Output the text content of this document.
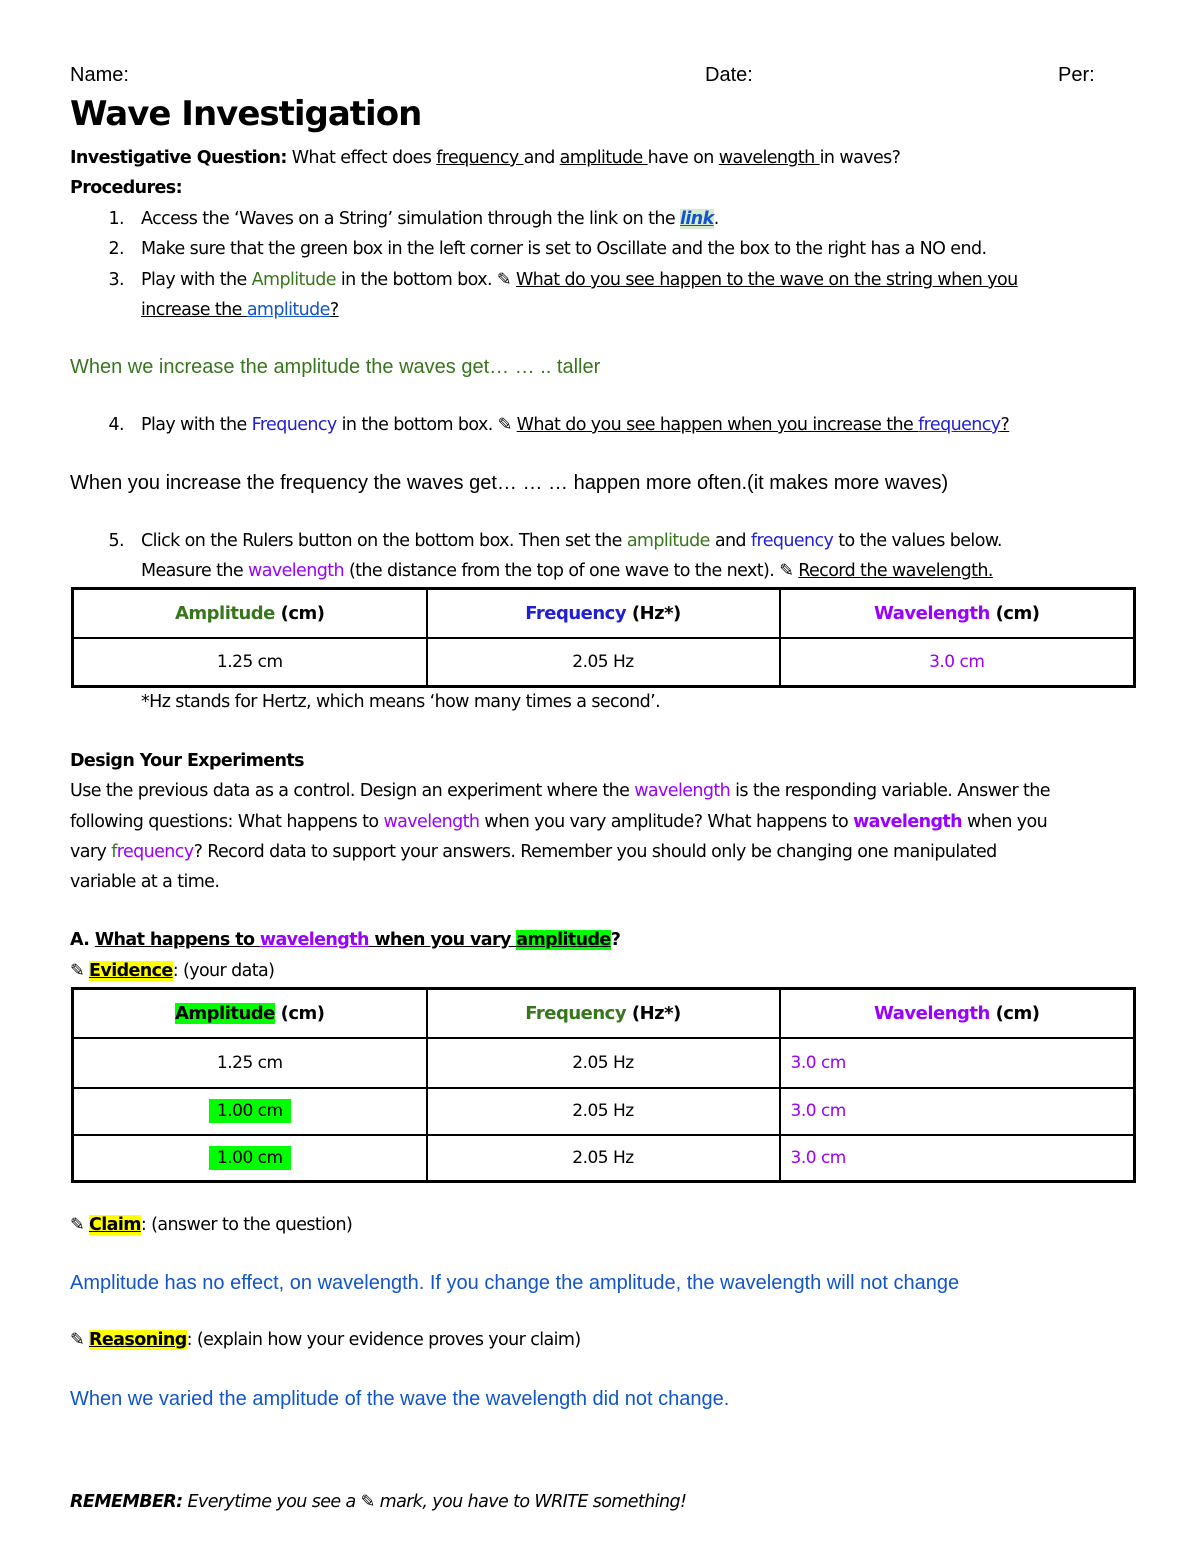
Name:	Date:	Per:
Wave Investigation
Investigative Question: What effect does frequency and amplitude have on wavelength in waves?
Procedures:
1. Access the ‘Waves on a String’ simulation through the link on the link.
2. Make sure that the green box in the left corner is set to Oscillate and the box to the right has a NO end.
3. Play with the Amplitude in the bottom box. ✎ What do you see happen to the wave on the string when you
increase the amplitude?
When we increase the amplitude the waves get… … .. taller
4. Play with the Frequency in the bottom box. ✎ What do you see happen when you increase the frequency?
When you increase the frequency the waves get… … … happen more often.(it makes more waves)
5. Click on the Rulers button on the bottom box. Then set the amplitude and frequency to the values below.
Measure the wavelength (the distance from the top of one wave to the next). ✎ Record the wavelength.
Amplitude (cm)	Frequency (Hz*)	Wavelength (cm)
1.25 cm	2.05 Hz	3.0 cm
*Hz stands for Hertz, which means ‘how many times a second’.
Design Your Experiments
Use the previous data as a control. Design an experiment where the wavelength is the responding variable. Answer the
following questions: What happens to wavelength when you vary amplitude? What happens to wavelength when you
vary frequency? Record data to support your answers. Remember you should only be changing one manipulated
variable at a time.
A. What happens to wavelength when you vary amplitude?
✎ Evidence: (your data)
Amplitude (cm)	Frequency (Hz*)	Wavelength (cm)
1.25 cm	2.05 Hz	3.0 cm
1.00 cm	2.05 Hz	3.0 cm
1.00 cm	2.05 Hz	3.0 cm
✎ Claim: (answer to the question)
Amplitude has no effect, on wavelength. If you change the amplitude, the wavelength will not change
✎ Reasoning: (explain how your evidence proves your claim)
When we varied the amplitude of the wave the wavelength did not change.
REMEMBER: Everytime you see a ✎ mark, you have to WRITE something!
